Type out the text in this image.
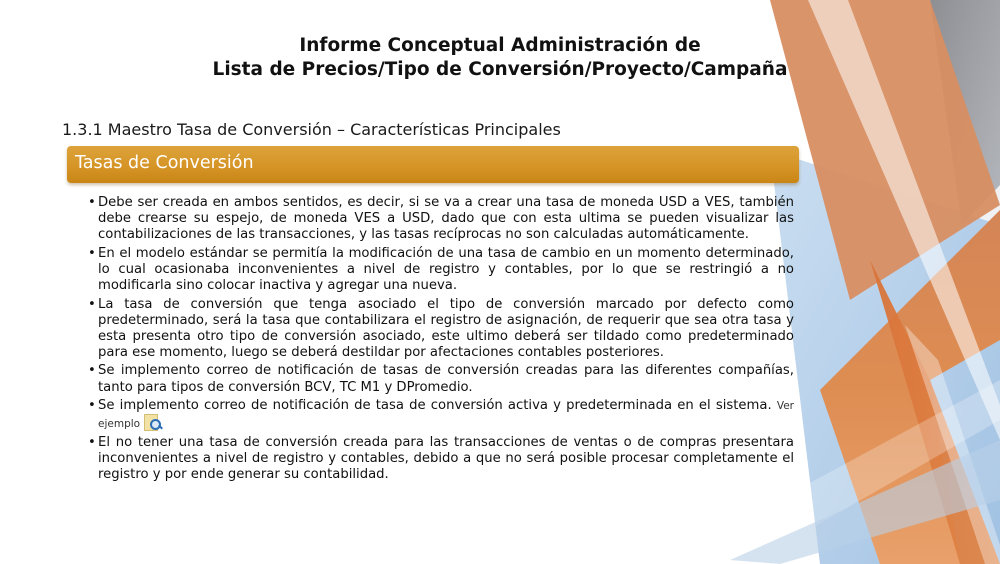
Informe Conceptual Administración de
Lista de Precios/Tipo de Conversión/Proyecto/Campaña
1.3.1 Maestro Tasa de Conversión – Características Principales
Tasas de Conversión
• Debe ser creada en ambos sentidos, es decir, si se va a crear una tasa de moneda USD a VES, también debe crearse su espejo, de moneda VES a USD, dado que con esta ultima se pueden visualizar las contabilizaciones de las transacciones, y las tasas recíprocas no son calculadas automáticamente.
• En el modelo estándar se permitía la modificación de una tasa de cambio en un momento determinado, lo cual ocasionaba inconvenientes a nivel de registro y contables, por lo que se restringió a no modificarla sino colocar inactiva y agregar una nueva.
• La tasa de conversión que tenga asociado el tipo de conversión marcado por defecto como predeterminado, será la tasa que contabilizara el registro de asignación, de requerir que sea otra tasa y esta presenta otro tipo de conversión asociado, este ultimo deberá ser tildado como predeterminado para ese momento, luego se deberá destildar por afectaciones contables posteriores.
• Se implemento correo de notificación de tasas de conversión creadas para las diferentes compañías, tanto para tipos de conversión BCV, TC M1 y DPromedio.
• Se implemento correo de notificación de tasa de conversión activa y predeterminada en el sistema. Ver ejemplo
• El no tener una tasa de conversión creada para las transacciones de ventas o de compras presentara inconvenientes a nivel de registro y contables, debido a que no será posible procesar completamente el registro y por ende generar su contabilidad.
